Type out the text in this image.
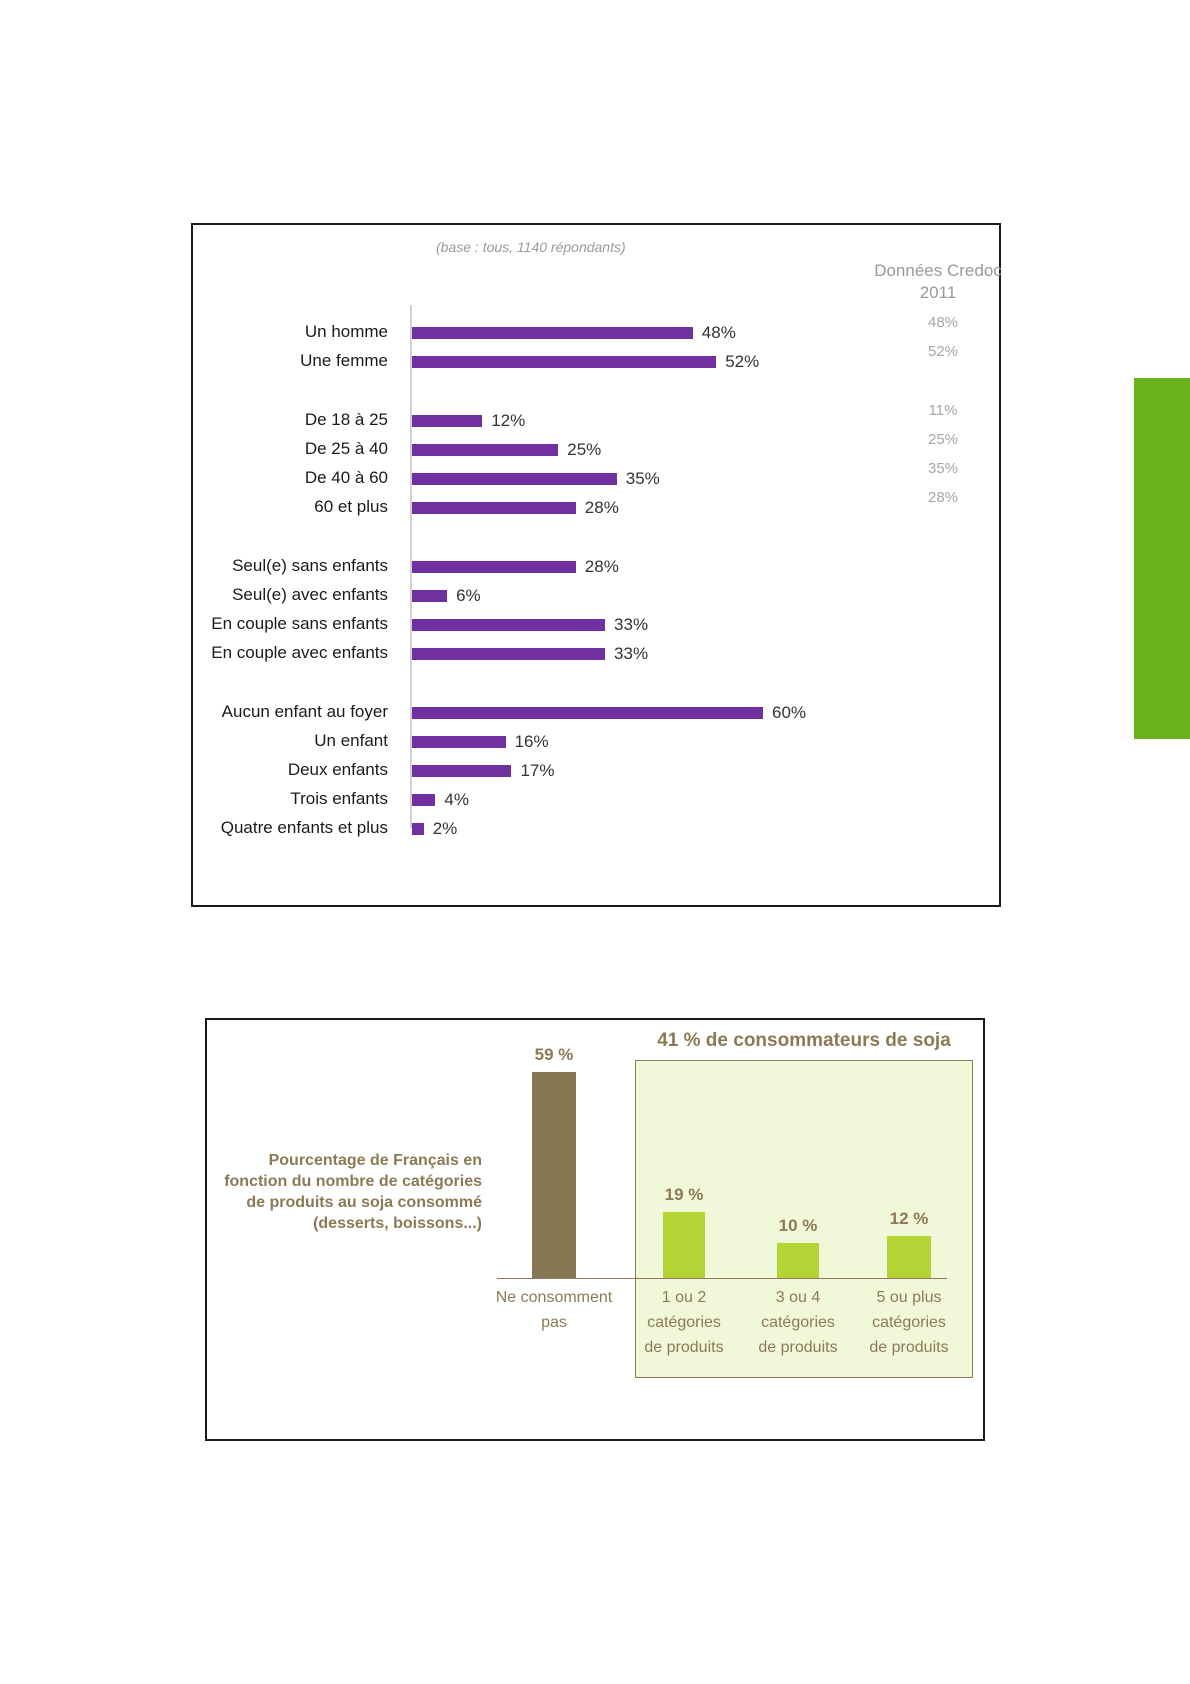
(base : tous, 1140 répondants)
Données Credoc 2011
Un homme	48%
48%
Une femme	52%
52%
De 18 à 25	12%
11%
De 25 à 40	25%
25%
De 40 à 60	35%
35%
60 et plus	28%
28%
Seul(e) sans enfants	28%
Seul(e) avec enfants	6%
En couple sans enfants	33%
En couple avec enfants	33%
Aucun enfant au foyer	60%
Un enfant	16%
Deux enfants	17%
Trois enfants	4%
Quatre enfants et plus	2%
Pourcentage de Français en fonction du nombre de catégories de produits au soja consommé (desserts, boissons...)
41 % de consommateurs de soja
59 %
Ne consomment pas
19 %
1 ou 2
catégories
de produits
10 %
3 ou 4
catégories
de produits
12 %
5 ou plus
catégories
de produits
